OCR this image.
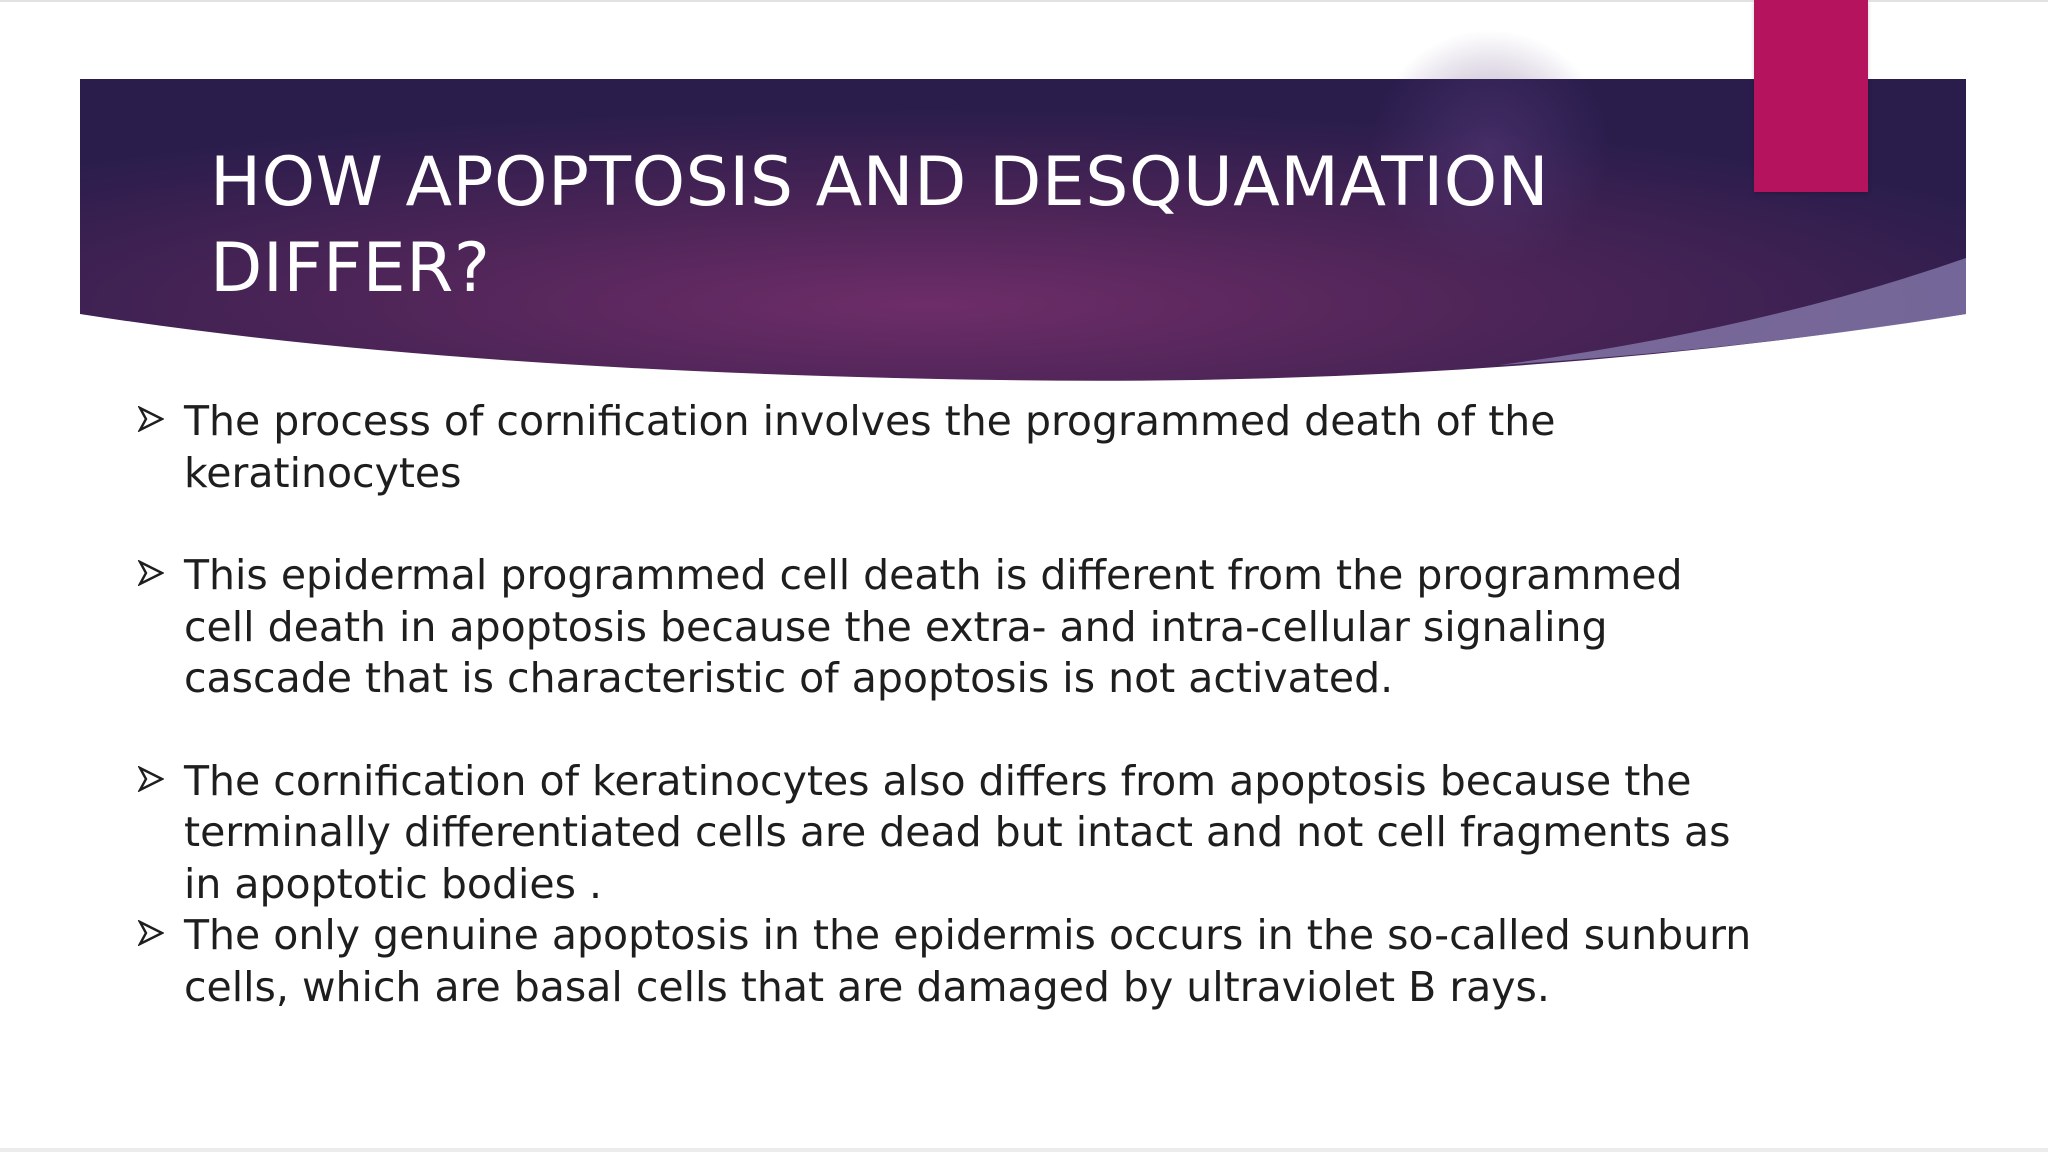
HOW APOPTOSIS AND DESQUAMATION
DIFFER?
The process of cornification involves the programmed death of the
keratinocytes
This epidermal programmed cell death is different from the programmed
cell death in apoptosis because the extra- and intra-cellular signaling
cascade that is characteristic of apoptosis is not activated.
The cornification of keratinocytes also differs from apoptosis because the
terminally differentiated cells are dead but intact and not cell fragments as
in apoptotic bodies .
The only genuine apoptosis in the epidermis occurs in the so-called sunburn
cells, which are basal cells that are damaged by ultraviolet B rays.
